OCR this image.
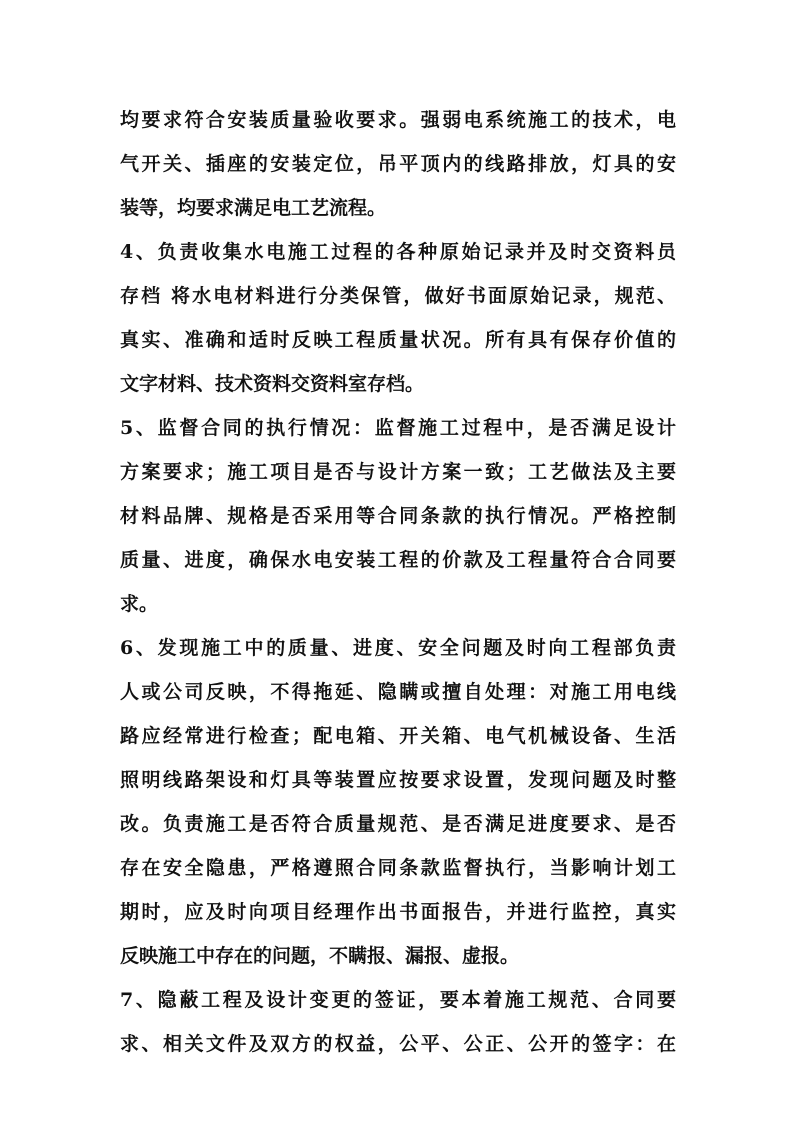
均要求符合安装质量验收要求。强弱电系统施工的技术，电
气开关、插座的安装定位，吊平顶内的线路排放，灯具的安
装等，均要求满足电工艺流程。
4、负责收集水电施工过程的各种原始记录并及时交资料员
存档 将水电材料进行分类保管，做好书面原始记录，规范、
真实、准确和适时反映工程质量状况。所有具有保存价值的
文字材料、技术资料交资料室存档。
5、监督合同的执行情况：监督施工过程中，是否满足设计
方案要求；施工项目是否与设计方案一致；工艺做法及主要
材料品牌、规格是否采用等合同条款的执行情况。严格控制
质量、进度，确保水电安装工程的价款及工程量符合合同要
求。
6、发现施工中的质量、进度、安全问题及时向工程部负责
人或公司反映，不得拖延、隐瞒或擅自处理：对施工用电线
路应经常进行检查；配电箱、开关箱、电气机械设备、生活
照明线路架设和灯具等装置应按要求设置，发现问题及时整
改。负责施工是否符合质量规范、是否满足进度要求、是否
存在安全隐患，严格遵照合同条款监督执行，当影响计划工
期时，应及时向项目经理作出书面报告，并进行监控，真实
反映施工中存在的问题，不瞒报、漏报、虚报。
7、隐蔽工程及设计变更的签证，要本着施工规范、合同要
求、相关文件及双方的权益，公平、公正、公开的签字：在
